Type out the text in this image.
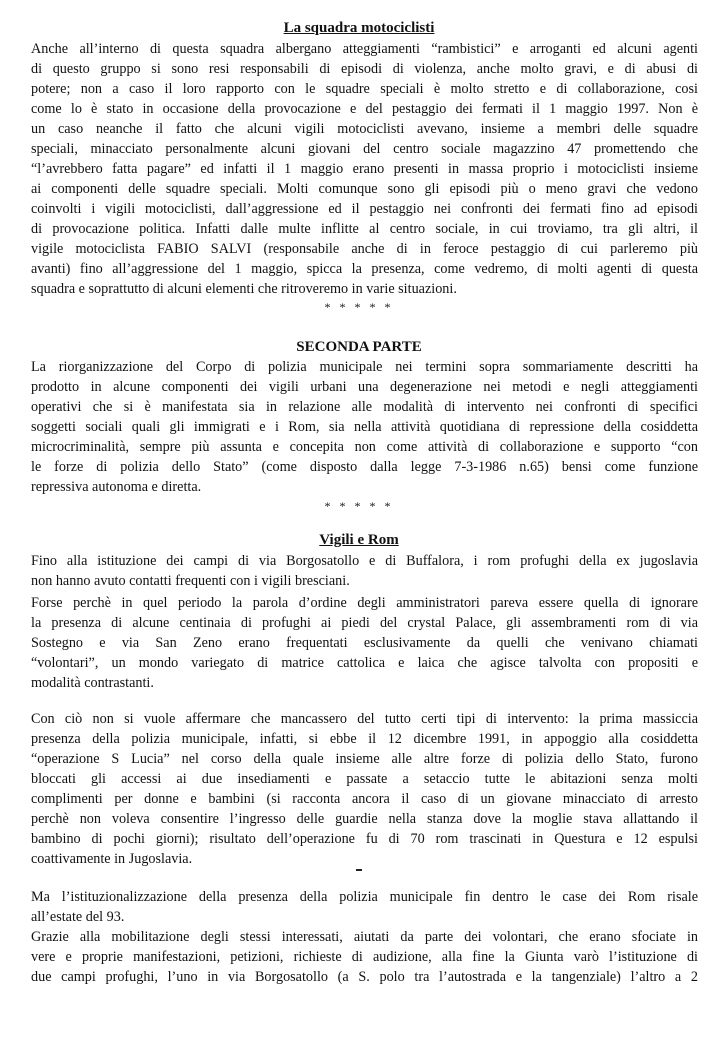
La squadra motociclisti
Anche all’interno di questa squadra albergano atteggiamenti “rambistici” e arroganti ed alcuni agenti
di questo gruppo si sono resi responsabili di episodi di violenza, anche molto gravi, e di abusi di
potere; non a caso il loro rapporto con le squadre speciali è molto stretto e di collaborazione, cosi
come lo è stato in occasione della provocazione e del pestaggio dei fermati il 1 maggio 1997. Non è
un caso neanche il fatto che alcuni vigili motociclisti avevano, insieme a membri delle squadre
speciali, minacciato personalmente alcuni giovani del centro sociale magazzino 47 promettendo che
“l’avrebbero fatta pagare” ed infatti il 1 maggio erano presenti in massa proprio i motociclisti insieme
ai componenti delle squadre speciali. Molti comunque sono gli episodi più o meno gravi che vedono
coinvolti i vigili motociclisti, dall’aggressione ed il pestaggio nei confronti dei fermati fino ad episodi
di provocazione politica. Infatti dalle multe inflitte al centro sociale, in cui troviamo, tra gli altri, il
vigile motociclista FABIO SALVI (responsabile anche di in feroce pestaggio di cui parleremo più
avanti) fino all’aggressione del 1 maggio, spicca la presenza, come vedremo, di molti agenti di questa
squadra e soprattutto di alcuni elementi che ritroveremo in varie situazioni.
* * * * *
SECONDA PARTE
La riorganizzazione del Corpo di polizia municipale nei termini sopra sommariamente descritti ha
prodotto in alcune componenti dei vigili urbani una degenerazione nei metodi e negli atteggiamenti
operativi che si è manifestata sia in relazione alle modalità di intervento nei confronti di specifici
soggetti sociali quali gli immigrati e i Rom, sia nella attività quotidiana di repressione della cosiddetta
microcriminalità, sempre più assunta e concepita non come attività di collaborazione e supporto “con
le forze di polizia dello Stato” (come disposto dalla legge 7-3-1986 n.65) bensi come funzione
repressiva autonoma e diretta.
* * * * *
Vigili e Rom
Fino alla istituzione dei campi di via Borgosatollo e di Buffalora, i rom profughi della ex jugoslavia
non hanno avuto contatti frequenti con i vigili bresciani.
Forse perchè in quel periodo la parola d’ordine degli amministratori pareva essere quella di ignorare
la presenza di alcune centinaia di profughi ai piedi del crystal Palace, gli assembramenti rom di via
Sostegno e via San Zeno erano frequentati esclusivamente da quelli che venivano chiamati
“volontari”, un mondo variegato di matrice cattolica e laica che agisce talvolta con propositi e
modalità contrastanti.
Con ciò non si vuole affermare che mancassero del tutto certi tipi di intervento: la prima massiccia
presenza della polizia municipale, infatti, si ebbe il 12 dicembre 1991, in appoggio alla cosiddetta
“operazione S Lucia” nel corso della quale insieme alle altre forze di polizia dello Stato, furono
bloccati gli accessi ai due insediamenti e passate a setaccio tutte le abitazioni senza molti
complimenti per donne e bambini (si racconta ancora il caso di un giovane minacciato di arresto
perchè non voleva consentire l’ingresso delle guardie nella stanza dove la moglie stava allattando il
bambino di pochi giorni); risultato dell’operazione fu di 70 rom trascinati in Questura e 12 espulsi
coattivamente in Jugoslavia.
Ma l’istituzionalizzazione della presenza della polizia municipale fin dentro le case dei Rom risale
all’estate del 93.
Grazie alla mobilitazione degli stessi interessati, aiutati da parte dei volontari, che erano sfociate in
vere e proprie manifestazioni, petizioni, richieste di audizione, alla fine la Giunta varò l’istituzione di
due campi profughi, l’uno in via Borgosatollo (a S. polo tra l’autostrada e la tangenziale) l’altro a 2
